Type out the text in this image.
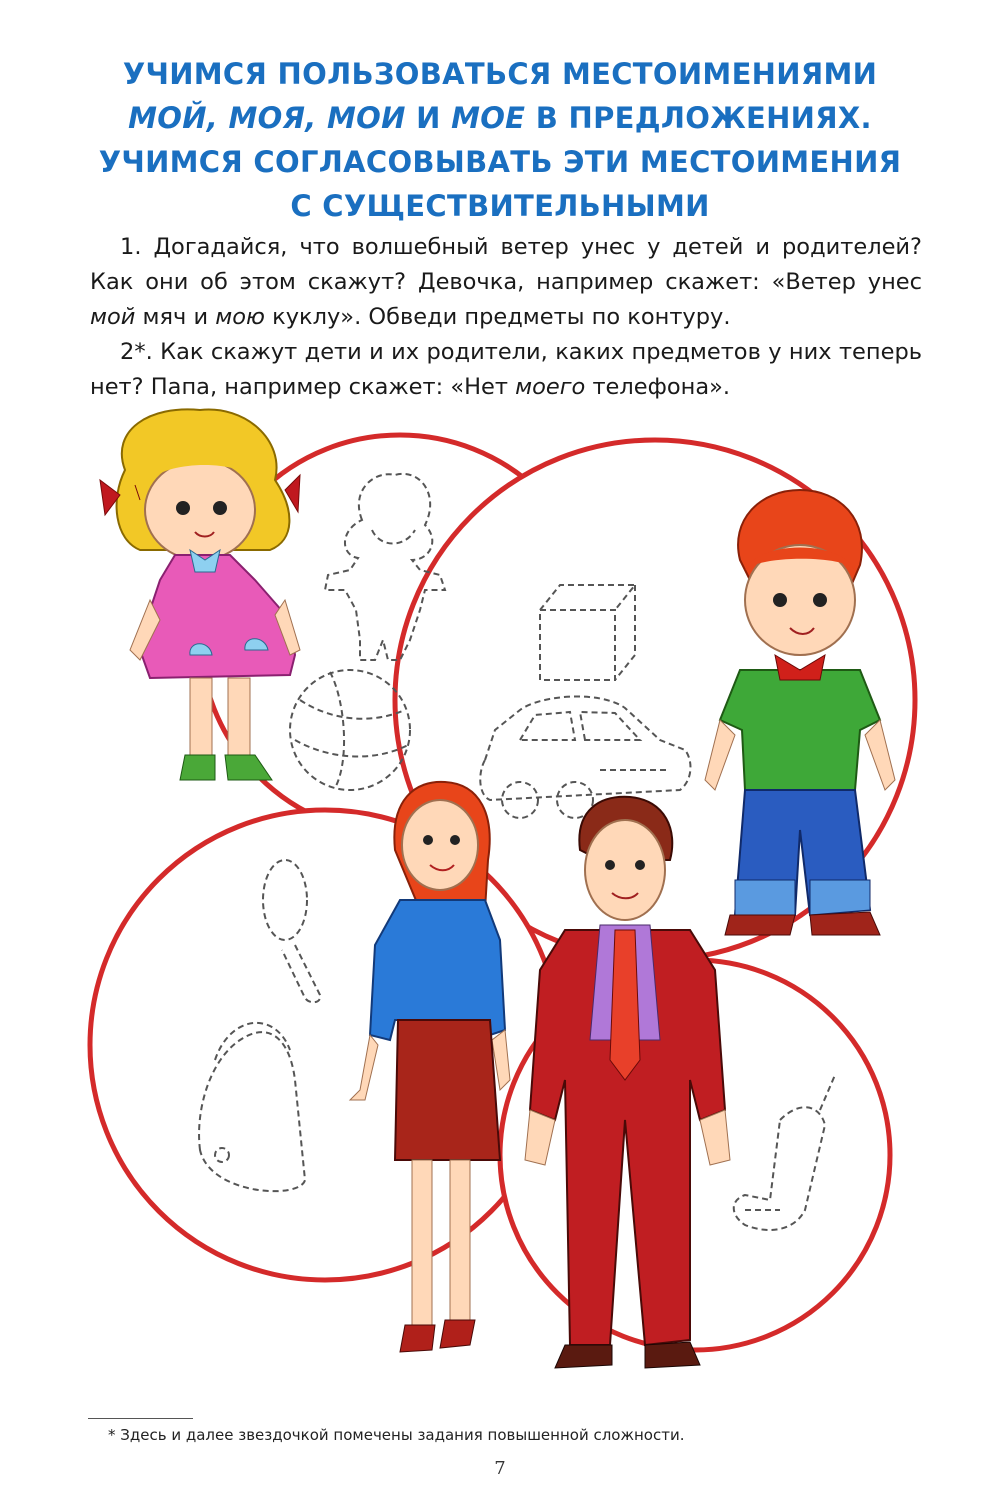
УЧИМСЯ ПОЛЬЗОВАТЬСЯ МЕСТОИМЕНИЯМИ
МОЙ, МОЯ, МОИ И МОЕ В ПРЕДЛОЖЕНИЯХ.
УЧИМСЯ СОГЛАСОВЫВАТЬ ЭТИ МЕСТОИМЕНИЯ
С СУЩЕСТВИТЕЛЬНЫМИ

1. Догадайся, что волшебный ветер унес у детей и родителей? Как они об этом скажут? Девочка, например скажет: «Ветер унес мой мяч и мою куклу». Обведи предметы по контуру.

2*. Как скажут дети и их родители, каких предметов у них теперь нет? Папа, например скажет: «Нет моего телефона».

* Здесь и далее звездочкой помечены задания повышенной сложности.
7
